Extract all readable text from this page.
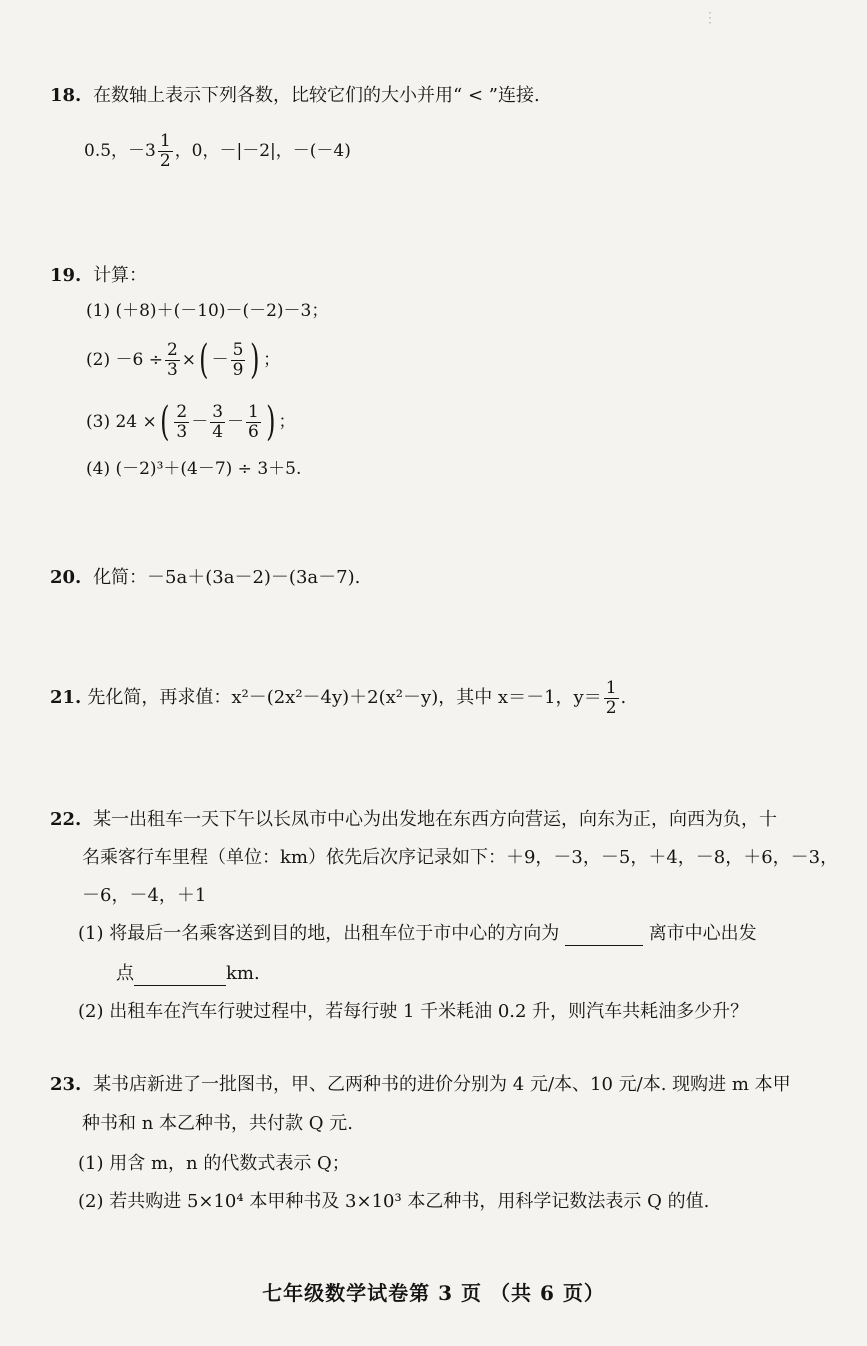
⋮
18. 在数轴上表示下列各数，比较它们的大小并用“ < ”连接.
0.5，$-3 \frac{1}{2}$ ，0，－|－2|，－(－4)
19. 计算：
(1) (＋8)＋(－10)－(－2)－3；
$(2) -6 \div \frac{2}{3}$ × ( － $\frac{5}{9}$ ) ；
(3) 24 × ( $\frac{2}{3} - \frac{3}{4} - \frac{1}{6}$ ) ；
(4) (－2)³＋(4－7) ÷ 3＋5.
20. 化简：－5a＋(3a－2)－(3a－7).
21. 先化简，再求值：x²－(2x²－4y)＋2(x²－y)，其中 x＝－1，$y= \frac{1}{2}$ .
22. 某一出租车一天下午以长凤市中心为出发地在东西方向营运，向东为正，向西为负，十
名乘客行车里程（单位：km）依先后次序记录如下：＋9，－3，－5，＋4，－8，＋6，－3，
－6，－4，＋1
(1) 将最后一名乘客送到目的地，出租车位于市中心的方向为	离市中心出发
点	km.
(2) 出租车在汽车行驶过程中，若每行驶 1 千米耗油 0.2 升，则汽车共耗油多少升？
23. 某书店新进了一批图书，甲、乙两种书的进价分别为 4 元/本、10 元/本. 现购进 m 本甲
种书和 n 本乙种书，共付款 Q 元.
(1) 用含 m，n 的代数式表示 Q；
(2) 若共购进 5×10⁴ 本甲种书及 3×10³ 本乙种书，用科学记数法表示 Q 的值.
七年级数学试卷第 3 页 （共 6 页）
